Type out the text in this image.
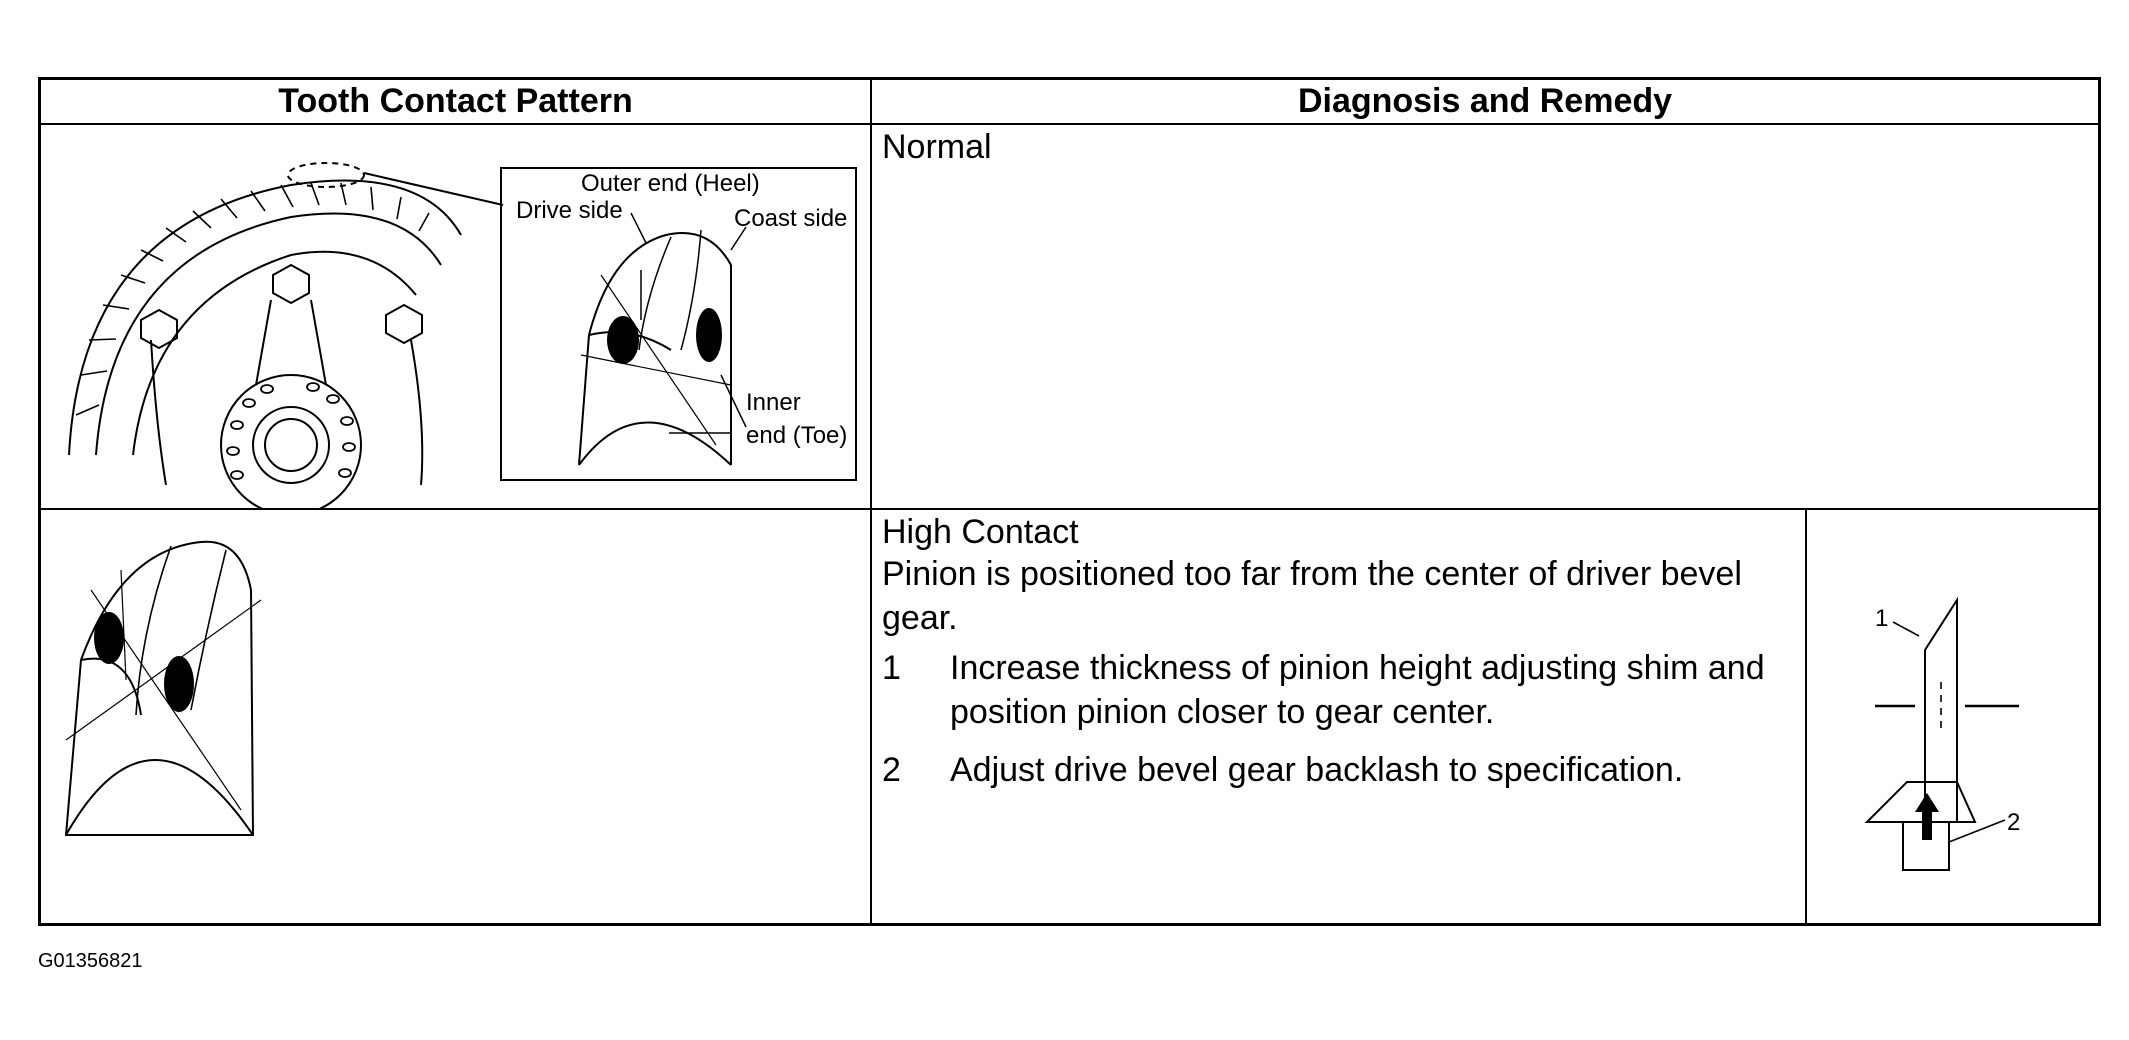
Tooth Contact Pattern	Diagnosis and Remedy
Outer end (Heel)
Drive side	Coast side
Inner
end (Toe)
Normal
High Contact
Pinion is positioned too far from the center of driver bevel gear.
1	Increase thickness of pinion height adjusting shim and position pinion closer to gear center.
2	Adjust drive bevel gear backlash to specification.
1
2
G01356821
